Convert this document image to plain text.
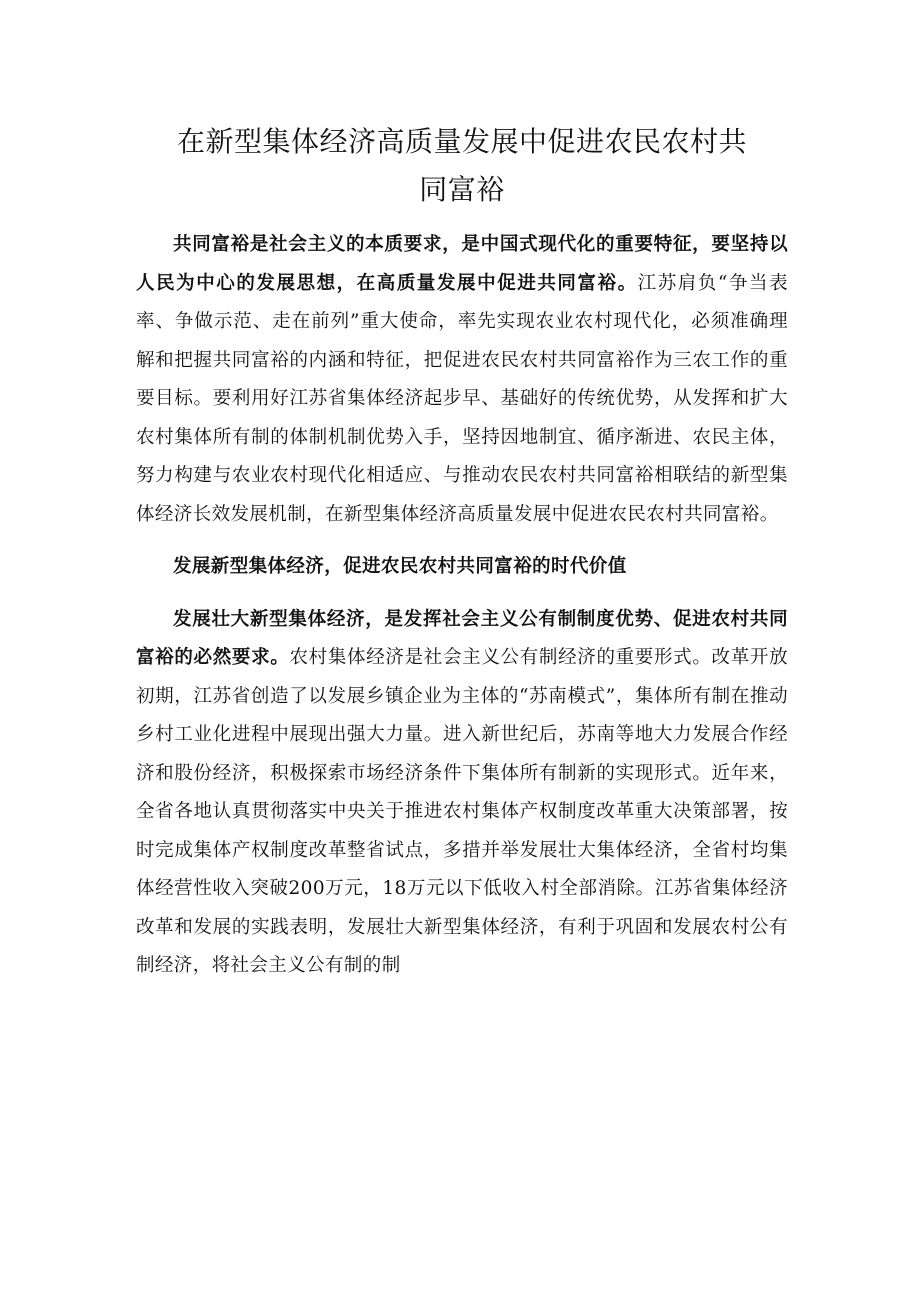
在新型集体经济高质量发展中促进农民农村共
同富裕

共同富裕是社会主义的本质要求，是中国式现代化的重要特征，要坚持以人民为中心的发展思想，在高质量发展中促进共同富裕。江苏肩负“争当表率、争做示范、走在前列”重大使命，率先实现农业农村现代化，必须准确理解和把握共同富裕的内涵和特征，把促进农民农村共同富裕作为三农工作的重要目标。要利用好江苏省集体经济起步早、基础好的传统优势，从发挥和扩大农村集体所有制的体制机制优势入手，坚持因地制宜、循序渐进、农民主体，努力构建与农业农村现代化相适应、与推动农民农村共同富裕相联结的新型集体经济长效发展机制，在新型集体经济高质量发展中促进农民农村共同富裕。

发展新型集体经济，促进农民农村共同富裕的时代价值

发展壮大新型集体经济，是发挥社会主义公有制制度优势、促进农村共同富裕的必然要求。农村集体经济是社会主义公有制经济的重要形式。改革开放初期，江苏省创造了以发展乡镇企业为主体的“苏南模式”，集体所有制在推动乡村工业化进程中展现出强大力量。进入新世纪后，苏南等地大力发展合作经济和股份经济，积极探索市场经济条件下集体所有制新的实现形式。近年来，全省各地认真贯彻落实中央关于推进农村集体产权制度改革重大决策部署，按时完成集体产权制度改革整省试点，多措并举发展壮大集体经济，全省村均集体经营性收入突破200万元，18万元以下低收入村全部消除。江苏省集体经济改革和发展的实践表明，发展壮大新型集体经济，有利于巩固和发展农村公有制经济，将社会主义公有制的制
